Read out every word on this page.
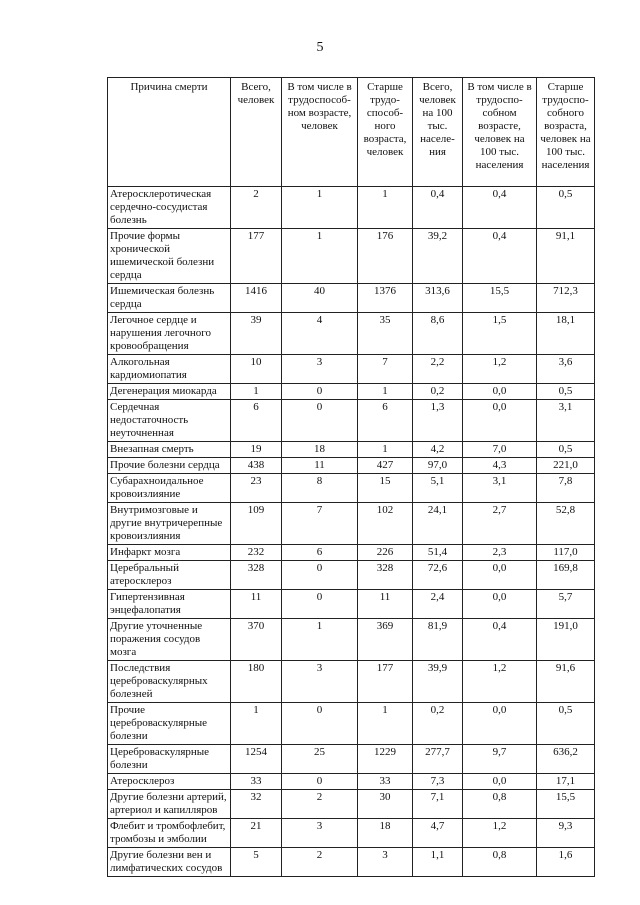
5
Причина смерти	Всего, человек	В том числе в трудоспособ-ном возрасте, человек	Старше трудо-способ-ного возраста, человек	Всего, человек на 100 тыс. населе-ния	В том числе в трудоспо-собном возрасте, человек на 100 тыс. населения	Старше трудоспо-собного возраста, человек на 100 тыс. населения
Атеросклеротическая сердечно-сосудистая болезнь	2	1	1	0,4	0,4	0,5
Прочие формы хронической ишемической болезни сердца	177	1	176	39,2	0,4	91,1
Ишемическая болезнь сердца	1416	40	1376	313,6	15,5	712,3
Легочное сердце и нарушения легочного кровообращения	39	4	35	8,6	1,5	18,1
Алкогольная кардиомиопатия	10	3	7	2,2	1,2	3,6
Дегенерация миокарда	1	0	1	0,2	0,0	0,5
Сердечная недостаточность неуточненная	6	0	6	1,3	0,0	3,1
Внезапная смерть	19	18	1	4,2	7,0	0,5
Прочие болезни сердца	438	11	427	97,0	4,3	221,0
Субарахноидальное кровоизлияние	23	8	15	5,1	3,1	7,8
Внутримозговые и другие внутричерепные кровоизлияния	109	7	102	24,1	2,7	52,8
Инфаркт мозга	232	6	226	51,4	2,3	117,0
Церебральный атеросклероз	328	0	328	72,6	0,0	169,8
Гипертензивная энцефалопатия	11	0	11	2,4	0,0	5,7
Другие уточненные поражения сосудов мозга	370	1	369	81,9	0,4	191,0
Последствия цереброваскулярных болезней	180	3	177	39,9	1,2	91,6
Прочие цереброваскулярные болезни	1	0	1	0,2	0,0	0,5
Цереброваскулярные болезни	1254	25	1229	277,7	9,7	636,2
Атеросклероз	33	0	33	7,3	0,0	17,1
Другие болезни артерий, артериол и капилляров	32	2	30	7,1	0,8	15,5
Флебит и тромбофлебит, тромбозы и эмболии	21	3	18	4,7	1,2	9,3
Другие болезни вен и лимфатических сосудов	5	2	3	1,1	0,8	1,6
